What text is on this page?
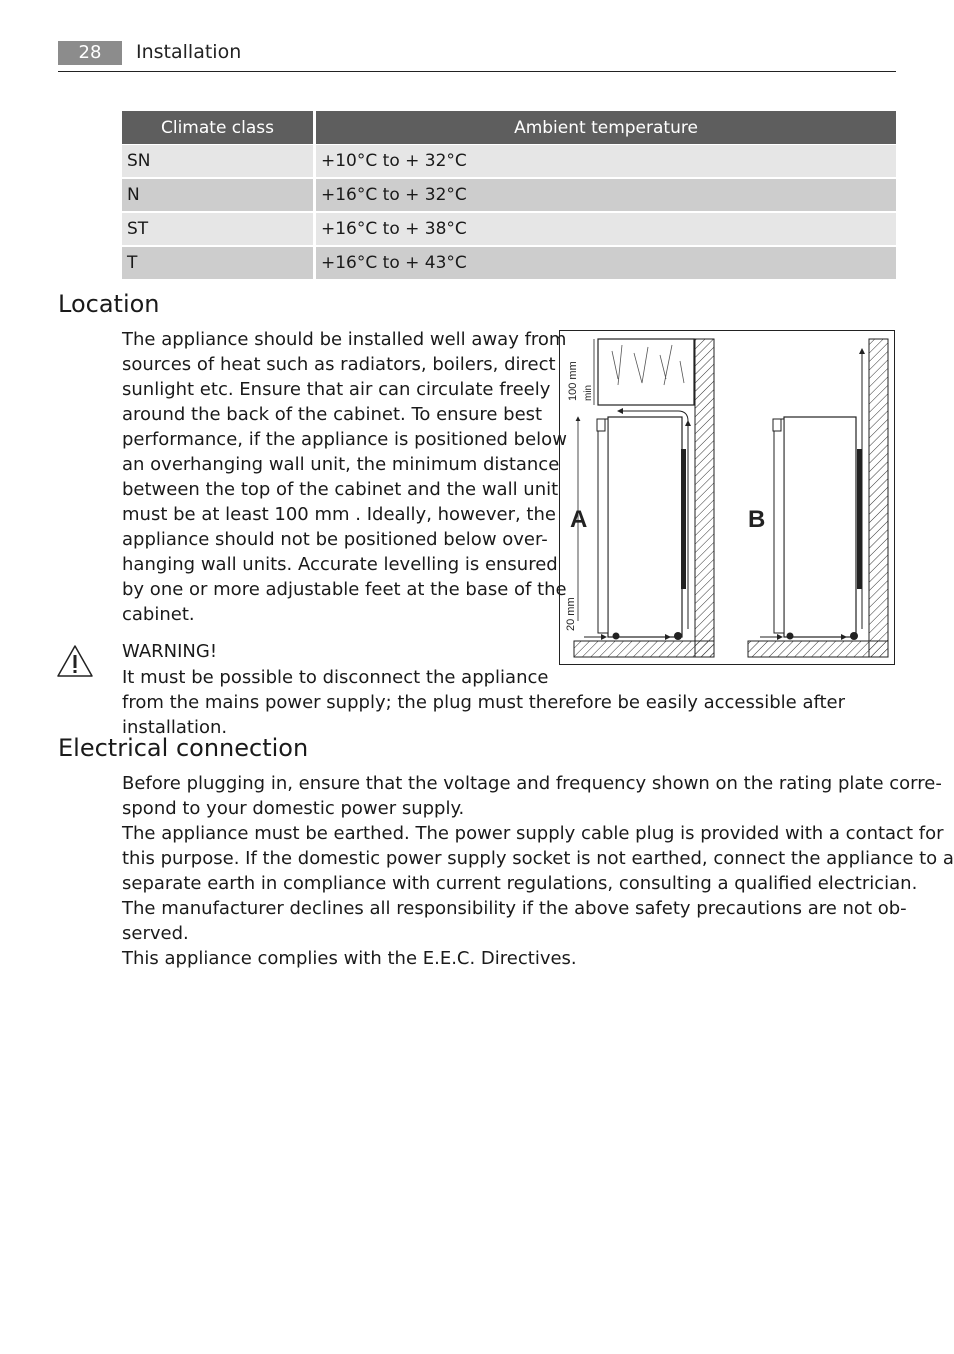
28	Installation
Climate class	Ambient temperature
SN	+10°C to + 32°C
N	+16°C to + 32°C
ST	+16°C to + 38°C
T	+16°C to + 43°C
Location
The appliance should be installed well away from
sources of heat such as radiators, boilers, direct
sunlight etc. Ensure that air can circulate freely
around the back of the cabinet. To ensure best
performance, if the appliance is positioned below
an overhanging wall unit, the minimum distance
between the top of the cabinet and the wall unit
must be at least 100 mm . Ideally, however, the
appliance should not be positioned below over-
hanging wall units. Accurate levelling is ensured
by one or more adjustable feet at the base of the
cabinet.
100 mm min
20 mm
A	B
WARNING!
It must be possible to disconnect the appliance
from the mains power supply; the plug must therefore be easily accessible after installation.
Electrical connection
Before plugging in, ensure that the voltage and frequency shown on the rating plate corre-
spond to your domestic power supply.
The appliance must be earthed. The power supply cable plug is provided with a contact for
this purpose. If the domestic power supply socket is not earthed, connect the appliance to a
separate earth in compliance with current regulations, consulting a qualified electrician.
The manufacturer declines all responsibility if the above safety precautions are not ob-
served.
This appliance complies with the E.E.C. Directives.
